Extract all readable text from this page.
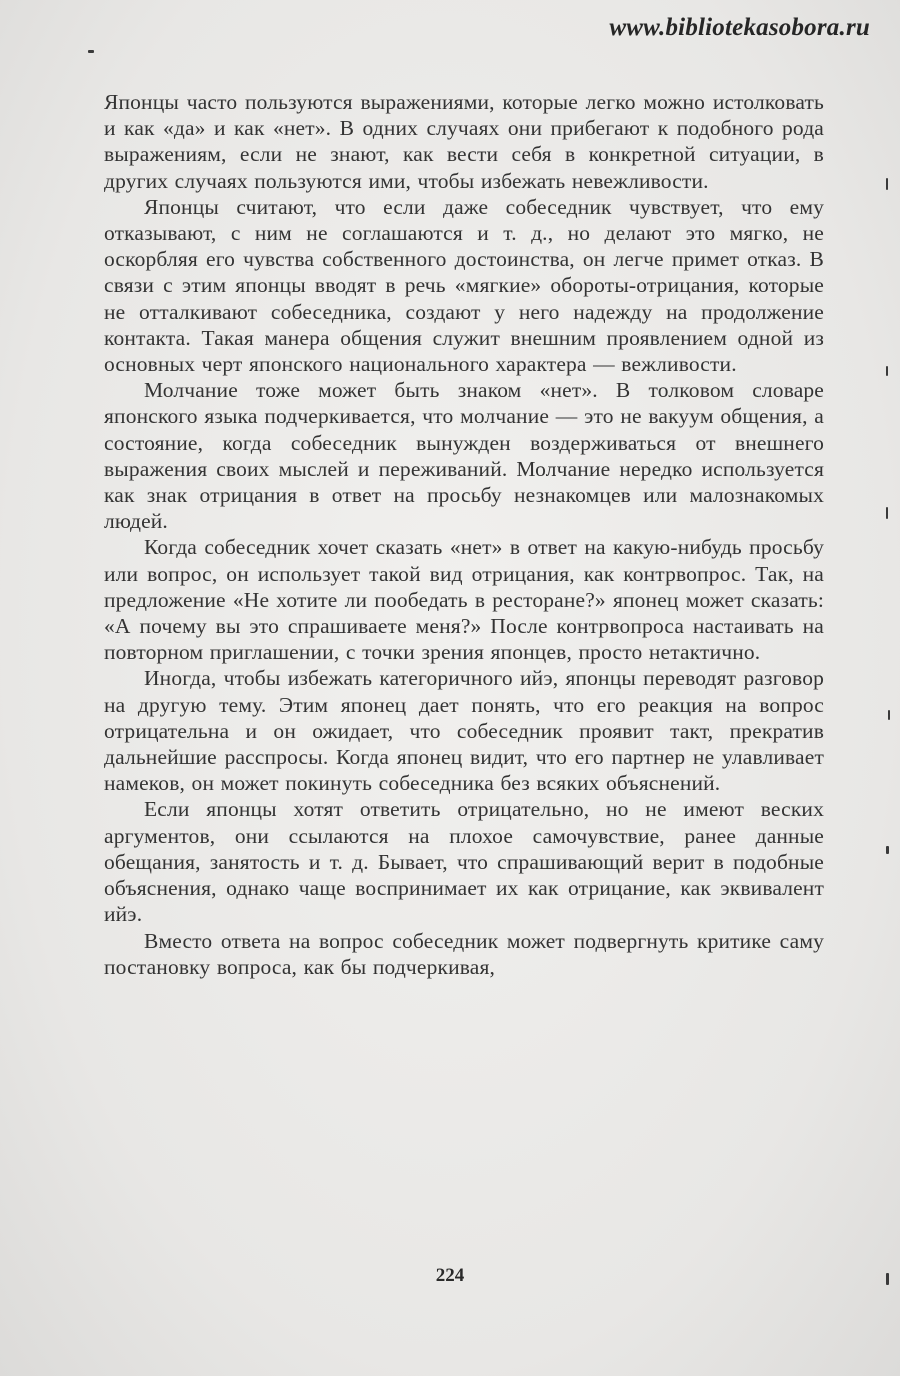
www.bibliotekasobora.ru

Японцы часто пользуются выражениями, которые легко можно истолковать и как «да» и как «нет». В одних случаях они прибегают к подобного рода выражениям, если не знают, как вести себя в конкретной ситуации, в других случаях пользуются ими, чтобы избежать невежливости.

Японцы считают, что если даже собеседник чувствует, что ему отказывают, с ним не соглашаются и т. д., но делают это мягко, не оскорбляя его чувства собственного достоинства, он легче примет отказ. В связи с этим японцы вводят в речь «мягкие» обороты-отрицания, которые не отталкивают собеседника, создают у него надежду на продолжение контакта. Такая манера общения служит внешним проявлением одной из основных черт японского национального характера — вежливости.

Молчание тоже может быть знаком «нет». В толковом словаре японского языка подчеркивается, что молчание — это не вакуум общения, а состояние, когда собеседник вынужден воздерживаться от внешнего выражения своих мыслей и переживаний. Молчание нередко используется как знак отрицания в ответ на просьбу незнакомцев или малознакомых людей.

Когда собеседник хочет сказать «нет» в ответ на какую-нибудь просьбу или вопрос, он использует такой вид отрицания, как контрвопрос. Так, на предложение «Не хотите ли пообедать в ресторане?» японец может сказать: «А почему вы это спрашиваете меня?» После контрвопроса настаивать на повторном приглашении, с точки зрения японцев, просто нетактично.

Иногда, чтобы избежать категоричного ийэ, японцы переводят разговор на другую тему. Этим японец дает понять, что его реакция на вопрос отрицательна и он ожидает, что собеседник проявит такт, прекратив дальнейшие расспросы. Когда японец видит, что его партнер не улавливает намеков, он может покинуть собеседника без всяких объяснений.

Если японцы хотят ответить отрицательно, но не имеют веских аргументов, они ссылаются на плохое самочувствие, ранее данные обещания, занятость и т. д. Бывает, что спрашивающий верит в подобные объяснения, однако чаще воспринимает их как отрицание, как эквивалент ийэ.

Вместо ответа на вопрос собеседник может подвергнуть критике саму постановку вопроса, как бы подчеркивая,

224
